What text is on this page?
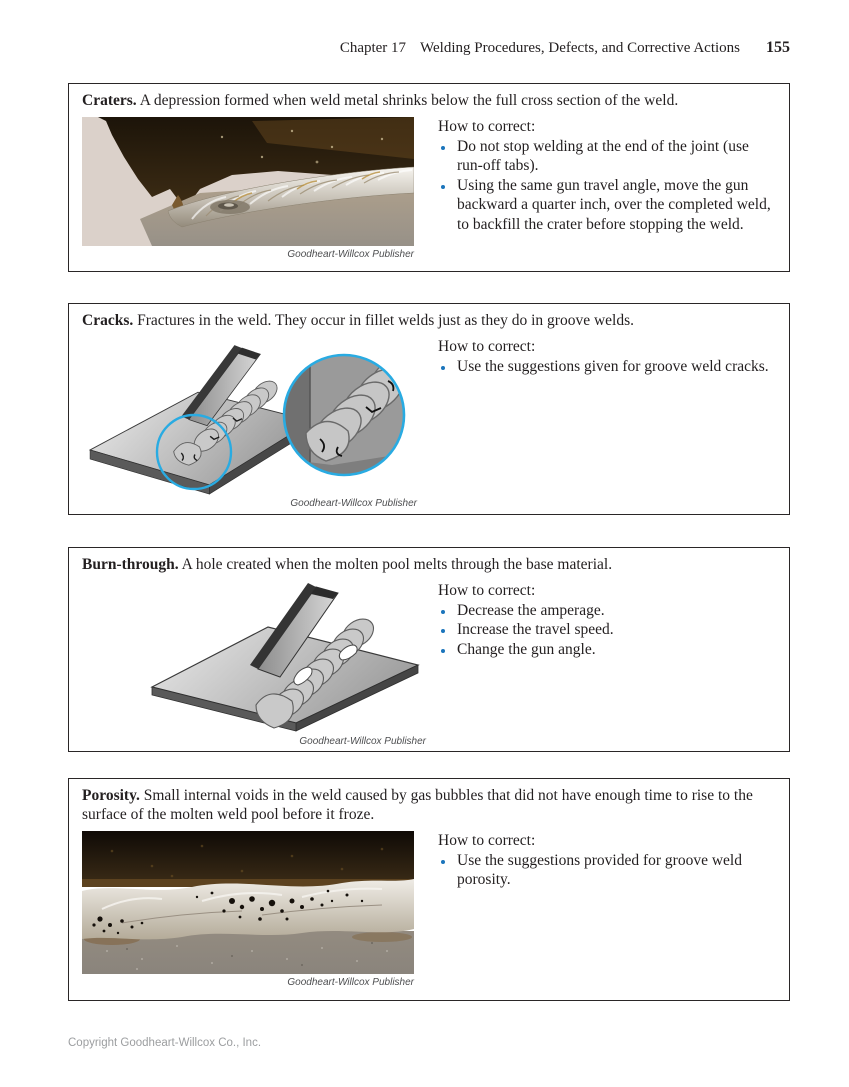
Chapter 17 Welding Procedures, Defects, and Corrective Actions 155

Craters. A depression formed when weld metal shrinks below the full cross section of the weld.

Goodheart-Willcox Publisher

How to correct:

• Do not stop welding at the end of the joint (use run-off tabs).
• Using the same gun travel angle, move the gun backward a quarter inch, over the completed weld, to backfill the crater before stopping the weld.

Cracks. Fractures in the weld. They occur in fillet welds just as they do in groove welds.

Goodheart-Willcox Publisher

How to correct:

• Use the suggestions given for groove weld cracks.

Burn-through. A hole created when the molten pool melts through the base material.

Goodheart-Willcox Publisher

How to correct:

• Decrease the amperage.
• Increase the travel speed.
• Change the gun angle.

Porosity. Small internal voids in the weld caused by gas bubbles that did not have enough time to rise to the surface of the molten weld pool before it froze.

Goodheart-Willcox Publisher

How to correct:

• Use the suggestions provided for groove weld porosity.
Copyright Goodheart-Willcox Co., Inc.
